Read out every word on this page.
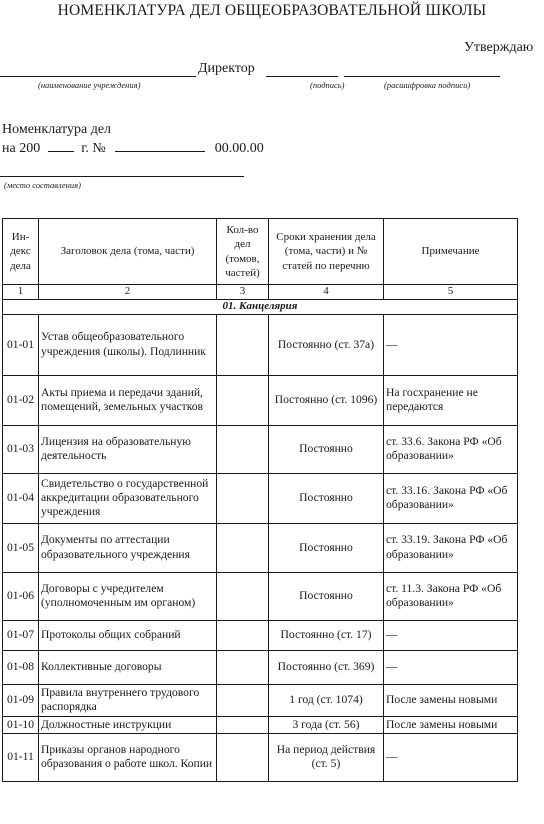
НОМЕНКЛАТУРА ДЕЛ ОБЩЕОБРАЗОВАТЕЛЬНОЙ ШКОЛЫ
Утверждаю
Директор
(наименование учреждения)	(подпись)	(расшифровка подписи)
Номенклатура дел
на 200	г. №	00.00.00
(место составления)
Ин-декс дела	Заголовок дела (тома, части)	Кол-во дел (томов, частей)	Сроки хранения дела (тома, части) и № статей по перечню	Примечание
1	2	3	4	5
01. Канцелярия				
01-01	Устав общеобразовательного учреждения (школы). Подлинник		Постоянно (ст. 37а)	—
01-02	Акты приема и передачи зданий, помещений, земельных участков		Постоянно (ст. 1096)	На госхранение не передаются
01-03	Лицензия на образовательную деятельность		Постоянно	ст. 33.6. Закона РФ «Об образовании»
01-04	Свидетельство о государственной аккредитации образовательного учреждения		Постоянно	ст. 33.16. Закона РФ «Об образовании»
01-05	Документы по аттестации образовательного учреждения		Постоянно	ст. 33.19. Закона РФ «Об образовании»
01-06	Договоры с учредителем (уполномоченным им органом)		Постоянно	ст. 11.3. Закона РФ «Об образовании»
01-07	Протоколы общих собраний		Постоянно (ст. 17)	—
01-08	Коллективные договоры		Постоянно (ст. 369)	—
01-09	Правила внутреннего трудового распорядка		1 год (ст. 1074)	После замены новыми
01-10	Должностные инструкции		3 года (ст. 56)	После замены новыми
01-11	Приказы органов народного образования о работе школ. Копии		На период действия (ст. 5)	—
